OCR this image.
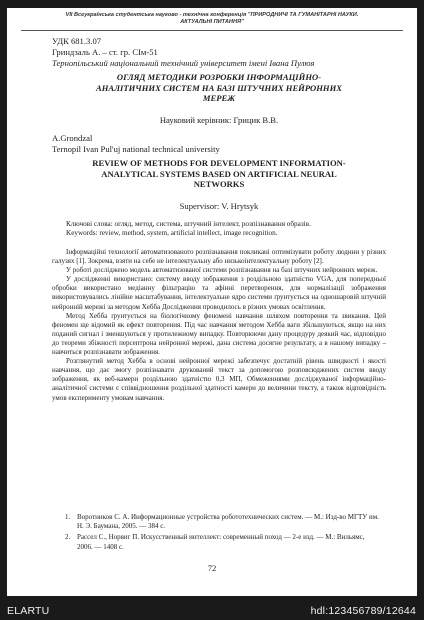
VIІ Всеукраїнська студентська науково - технічна конференція "ПРИРОДНИЧІ ТА ГУМАНІТАРНІ НАУКИ.
АКТУАЛЬНІ ПИТАННЯ"
УДК 681.3.07
Гриндзаль А. – ст. гр. СІм-51
Тернопільський національний технічний університет імені Івана Пулюя
ОГЛЯД МЕТОДИКИ РОЗРОБКИ ІНФОРМАЦІЙНО-
АНАЛІТИЧНИХ СИСТЕМ НА БАЗІ ШТУЧНИХ НЕЙРОННИХ
МЕРЕЖ
Науковий керівник: Грицик В.В.
A.Grondzal
Ternopil Ivan Pul'uj national technical university
REVIEW OF METHODS FOR DEVELOPMENT INFORMATION-
ANALYTICAL SYSTEMS BASED ON ARTIFICIAL NEURAL
NETWORKS
Supervisor: V. Hrytsyk
Ключові слова: огляд, метод, система, штучний інтелект, розпізнавання образів.
Keywords: review, method, system, artificial intellect, image recognition.

Інформаційні технології автоматизованого розпізнавання покликані оптимізувати роботу людини у різних галузях [1]. Зокрема, взяти на себе не інтелектуальну або низькоінтелектуальну роботу [2].

У роботі досліджено модель автоматизованої системи розпізнавання на базі штучних нейронних мереж.

У дослідженні використано: систему вводу зображення з роздільною здатністю VGA, для попередньої обробки використано медіанну фільтрацію та афінні перетворення, для нормалізації зображення використовувались лінійне масштабування, інтелектуальне ядро системи ґрунтується на одношаровій штучній нейронній мережі за методом Хебба Дослідження проводилось в різних умовах освітлення.

Метод Хебба ґрунтується на біологічному феномені навчання шляхом повторення та звикання. Цей феномен ще відомий як ефект повторення. Під час навчання методом Хебба ваги збільшуються, якщо на них поданий сигнал і зменшуються у протилежному випадку. Повторюючи дану процедуру деякий час, відповідно до теореми збіжності персептрона нейронної мережі, дана система досягне результату, а в нашому випадку – навчиться розпізнавати зображення.

Розглянутий метод Хебба в основі нейронної мережі забезпечує достатній рівень швидкості і якості навчання, що дає змогу розпізнавати друкований текст за допомогою розповсюджених систем вводу зображення, як веб-камери роздільною здатністю 0,3 МП, Обмеженнями досліджуваної інформаційно-аналітичної системи є співвідношення роздільної здатності камери до величини тексту, а також відповідність умов експерименту умовам навчання.

1. Воротников С. А. Информационные устройства робототехнических систем. — М.: Изд-во МГТУ им. Н. Э. Баумана, 2005. — 384 с.
2. Рассел С., Норвиг П. Искусственный интеллект: современный поход — 2-е изд. — М.: Вильямс, 2006. — 1408 с.
72
ELARTU	hdl:123456789/12644
